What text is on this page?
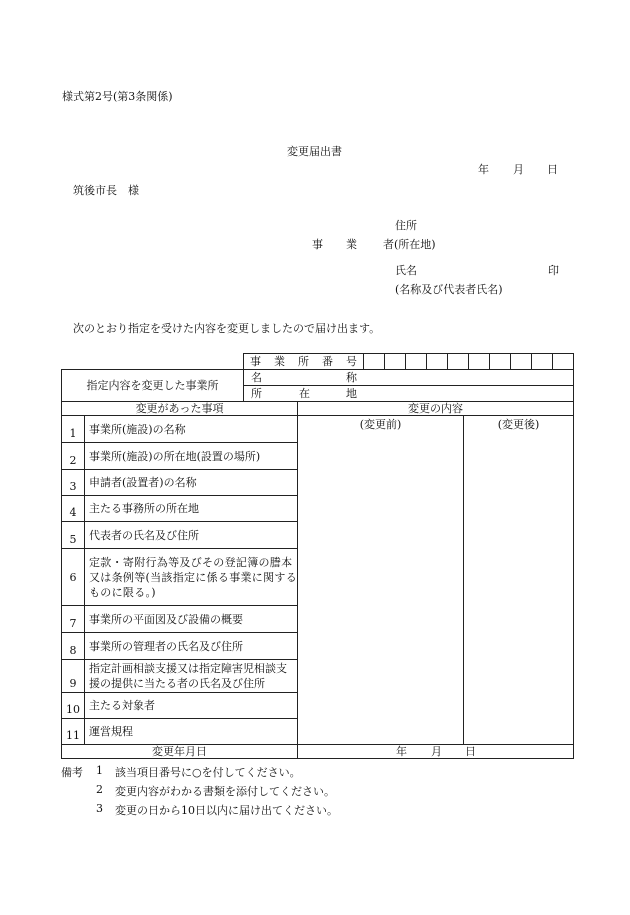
様式第2号(第3条関係)
変更届出書
年 月 日
筑後市長　様
住所
事 業 者 (所在地)
氏名	印
(名称及び代表者氏名)
次のとおり指定を受けた内容を変更しましたので届け出ます。
事 業 所 番 号

指定内容を変更した事業所	
名	称

所	在	地
変更があった事項		変更の内容	
1	事業所(施設)の名称	(変更前)	(変更後)
2	事業所(施設)の所在地(設置の場所)		
3	申請者(設置者)の名称		
4	主たる事務所の所在地		
5	代表者の氏名及び住所		
6	定款・寄附行為等及びその登記簿の謄本又は条例等(当該指定に係る事業に関するものに限る。)		
7	事業所の平面図及び設備の概要		
8	事業所の管理者の氏名及び住所		
9	指定計画相談支援又は指定障害児相談支援の提供に当たる者の氏名及び住所		
10	主たる対象者		
11	運営規程		
変更年月日		年 月 日	
備考 1 該当項目番号に○を付してください。
2 変更内容がわかる書類を添付してください。
3 変更の日から10日以内に届け出てください。
